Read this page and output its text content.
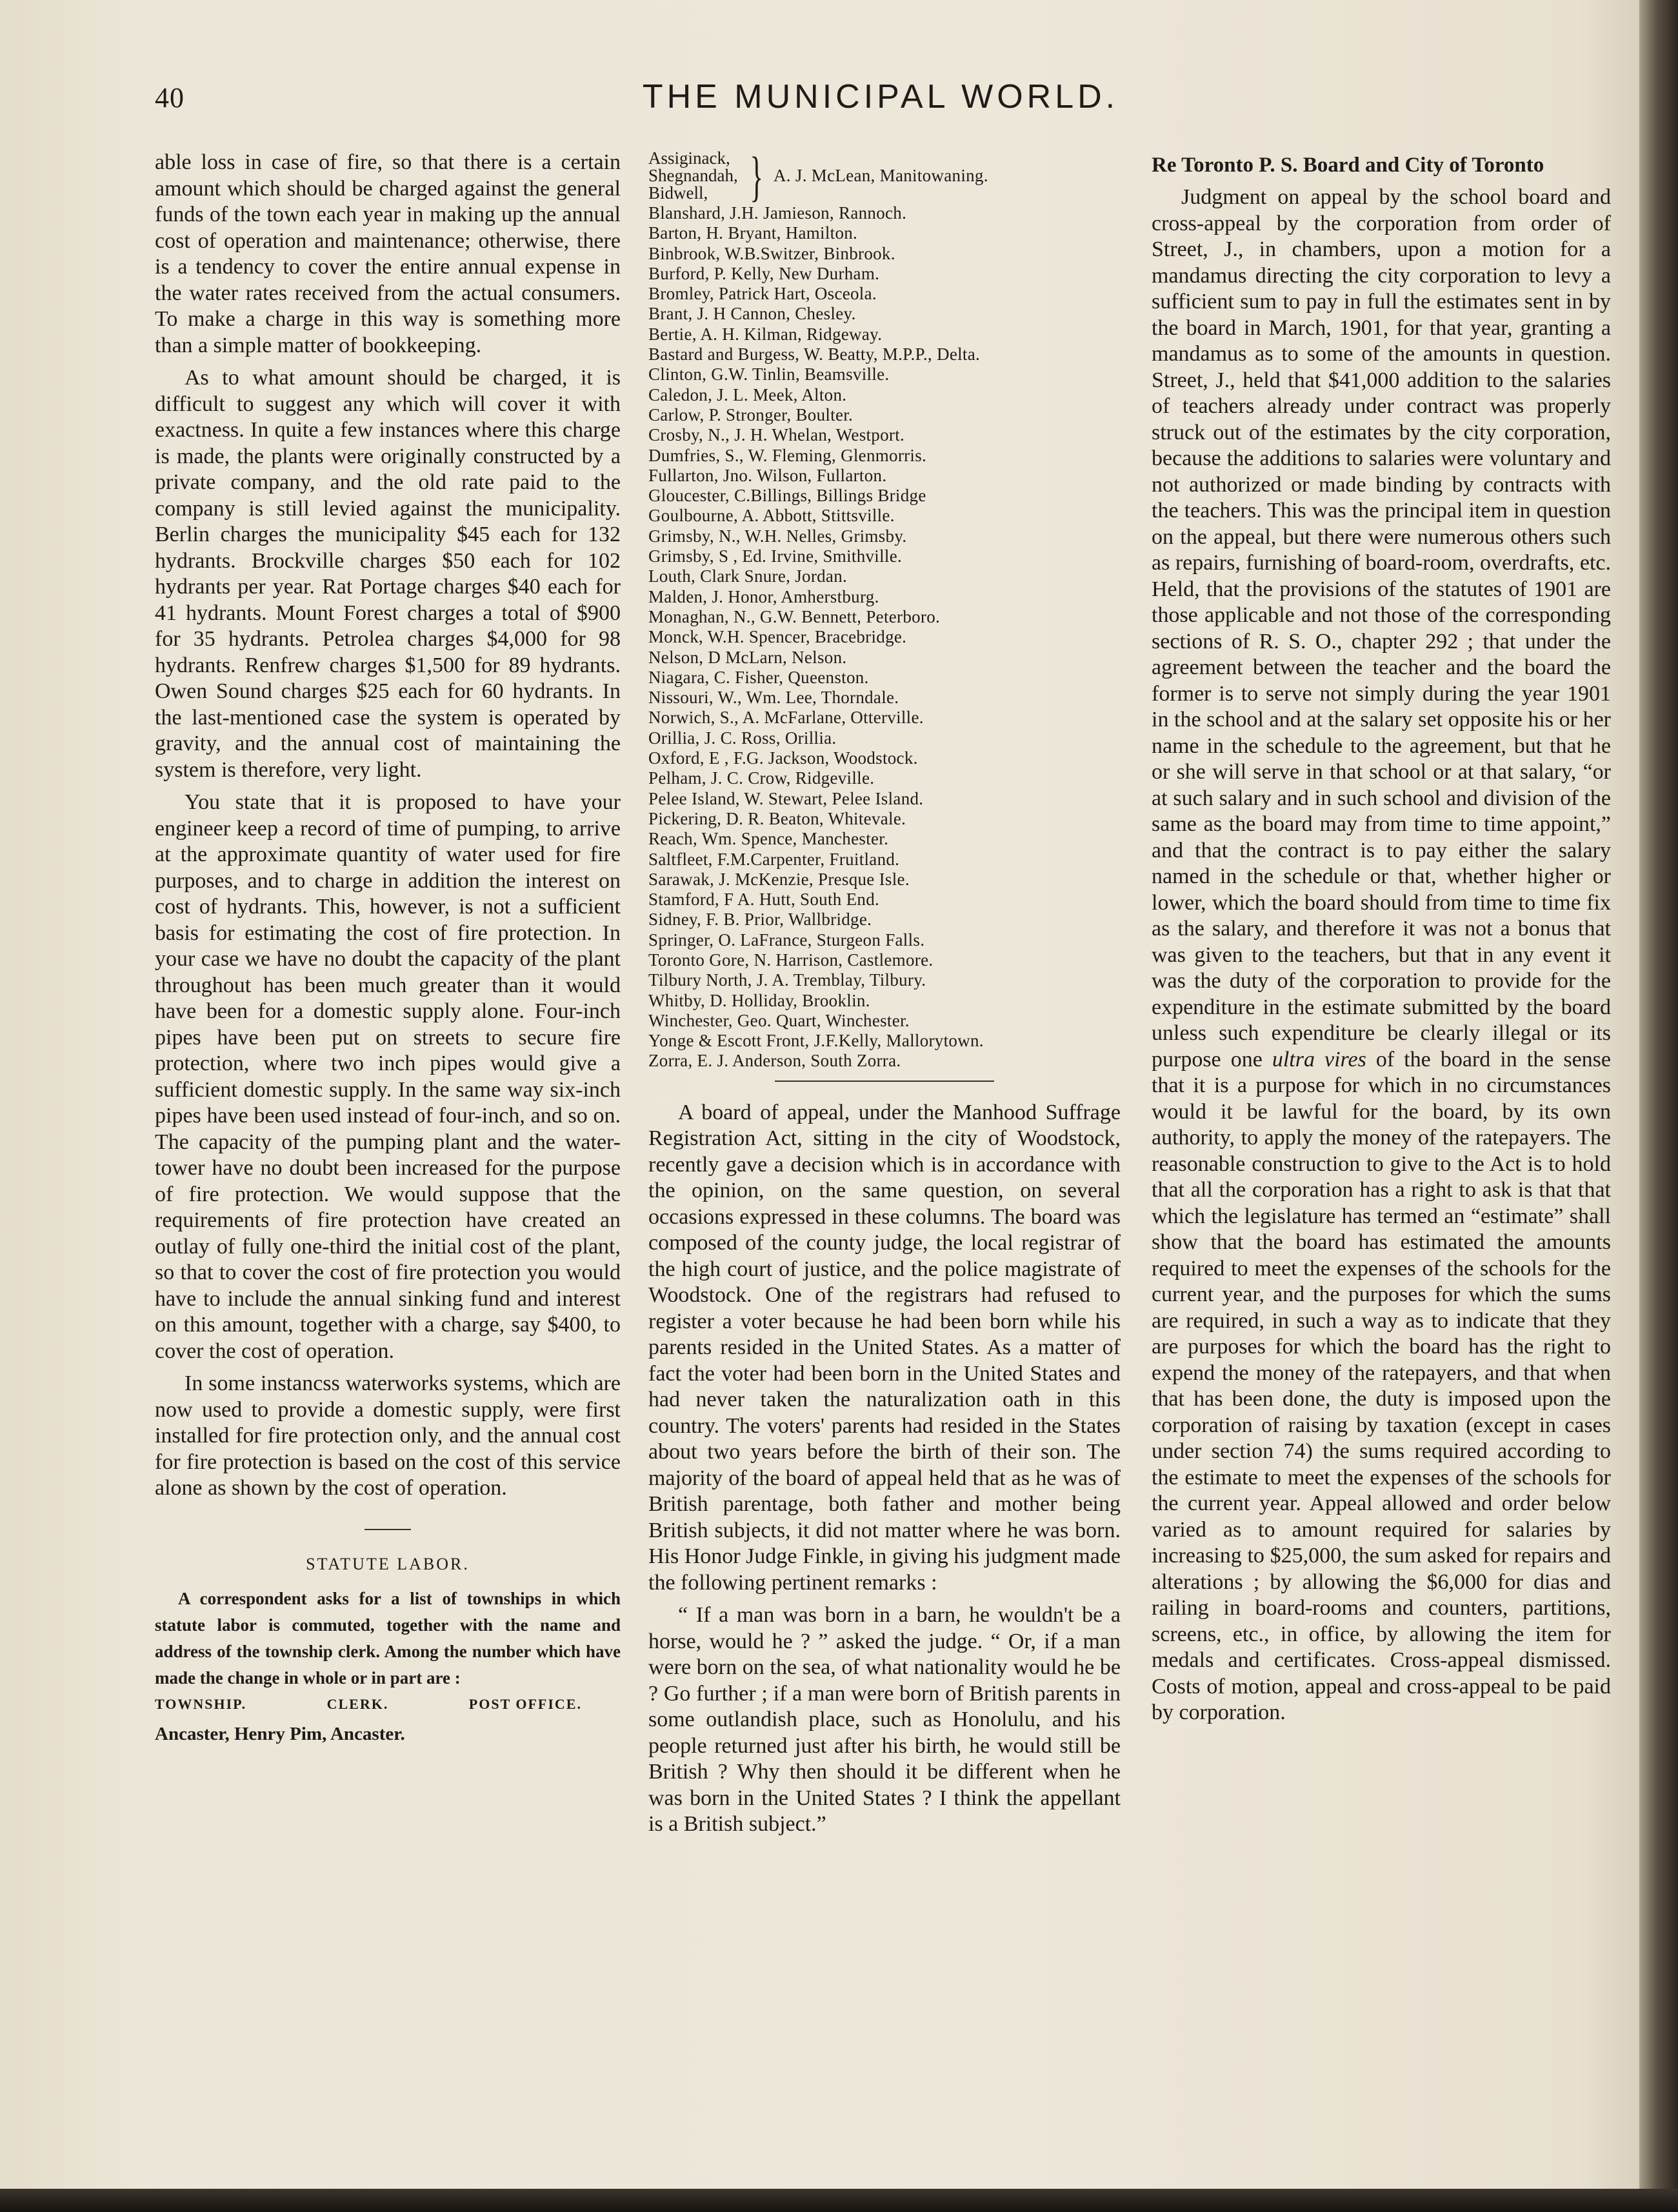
40	THE MUNICIPAL WORLD.

able loss in case of fire, so that there is a certain amount which should be charged against the general funds of the town each year in making up the annual cost of operation and maintenance; otherwise, there is a tendency to cover the entire annual expense in the water rates received from the actual consumers. To make a charge in this way is something more than a simple matter of bookkeeping.

As to what amount should be charged, it is difficult to suggest any which will cover it with exactness. In quite a few instances where this charge is made, the plants were originally constructed by a private company, and the old rate paid to the company is still levied against the municipality. Berlin charges the municipality $45 each for 132 hydrants. Brockville charges $50 each for 102 hydrants per year. Rat Portage charges $40 each for 41 hydrants. Mount Forest charges a total of $900 for 35 hydrants. Petrolea charges $4,000 for 98 hydrants. Renfrew charges $1,500 for 89 hydrants. Owen Sound charges $25 each for 60 hydrants. In the last-mentioned case the system is operated by gravity, and the annual cost of maintaining the system is therefore, very light.

You state that it is proposed to have your engineer keep a record of time of pumping, to arrive at the approximate quantity of water used for fire purposes, and to charge in addition the interest on cost of hydrants. This, however, is not a sufficient basis for estimating the cost of fire protection. In your case we have no doubt the capacity of the plant throughout has been much greater than it would have been for a domestic supply alone. Four-inch pipes have been put on streets to secure fire protection, where two inch pipes would give a sufficient domestic supply. In the same way six-inch pipes have been used instead of four-inch, and so on. The capacity of the pumping plant and the water-tower have no doubt been increased for the purpose of fire protection. We would suppose that the requirements of fire protection have created an outlay of fully one-third the initial cost of the plant, so that to cover the cost of fire protection you would have to include the annual sinking fund and interest on this amount, together with a charge, say $400, to cover the cost of operation.

In some instancss waterworks systems, which are now used to provide a domestic supply, were first installed for fire protection only, and the annual cost for fire protection is based on the cost of this service alone as shown by the cost of operation.

STATUTE LABOR.

A correspondent asks for a list of townships in which statute labor is commuted, together with the name and address of the township clerk. Among the number which have made the change in whole or in part are :

TOWNSHIP.	CLERK.	POST OFFICE.
Ancaster, Henry Pim, Ancaster.
Assiginack,
Shegnandah,
Bidwell, } A. J. McLean, Manitowaning.
Blanshard, J.H. Jamieson, Rannoch.
Barton, H. Bryant, Hamilton.
Binbrook, W.B.Switzer, Binbrook.
Burford, P. Kelly, New Durham.
Bromley, Patrick Hart, Osceola.
Brant, J. H Cannon, Chesley.
Bertie, A. H. Kilman, Ridgeway.
Bastard and Burgess, W. Beatty, M.P.P., Delta.
Clinton, G.W. Tinlin, Beamsville.
Caledon, J. L. Meek, Alton.
Carlow, P. Stronger, Boulter.
Crosby, N., J. H. Whelan, Westport.
Dumfries, S., W. Fleming, Glenmorris.
Fullarton, Jno. Wilson, Fullarton.
Gloucester, C.Billings, Billings Bridge
Goulbourne, A. Abbott, Stittsville.
Grimsby, N., W.H. Nelles, Grimsby.
Grimsby, S , Ed. Irvine, Smithville.
Louth, Clark Snure, Jordan.
Malden, J. Honor, Amherstburg.
Monaghan, N., G.W. Bennett, Peterboro.
Monck, W.H. Spencer, Bracebridge.
Nelson, D McLarn, Nelson.
Niagara, C. Fisher, Queenston.
Nissouri, W., Wm. Lee, Thorndale.
Norwich, S., A. McFarlane, Otterville.
Orillia, J. C. Ross, Orillia.
Oxford, E , F.G. Jackson, Woodstock.
Pelham, J. C. Crow, Ridgeville.
Pelee Island, W. Stewart, Pelee Island.
Pickering, D. R. Beaton, Whitevale.
Reach, Wm. Spence, Manchester.
Saltfleet, F.M.Carpenter, Fruitland.
Sarawak, J. McKenzie, Presque Isle.
Stamford, F A. Hutt, South End.
Sidney, F. B. Prior, Wallbridge.
Springer, O. LaFrance, Sturgeon Falls.
Toronto Gore, N. Harrison, Castlemore.
Tilbury North, J. A. Tremblay, Tilbury.
Whitby, D. Holliday, Brooklin.
Winchester, Geo. Quart, Winchester.
Yonge & Escott Front, J.F.Kelly, Mallorytown.
Zorra, E. J. Anderson, South Zorra.

A board of appeal, under the Manhood Suffrage Registration Act, sitting in the city of Woodstock, recently gave a decision which is in accordance with the opinion, on the same question, on several occasions expressed in these columns. The board was composed of the county judge, the local registrar of the high court of justice, and the police magistrate of Woodstock. One of the registrars had refused to register a voter because he had been born while his parents resided in the United States. As a matter of fact the voter had been born in the United States and had never taken the naturalization oath in this country. The voters' parents had resided in the States about two years before the birth of their son. The majority of the board of appeal held that as he was of British parentage, both father and mother being British subjects, it did not matter where he was born. His Honor Judge Finkle, in giving his judgment made the following pertinent remarks :

“ If a man was born in a barn, he wouldn't be a horse, would he ? ” asked the judge. “ Or, if a man were born on the sea, of what nationality would he be ? Go further ; if a man were born of British parents in some outlandish place, such as Honolulu, and his people returned just after his birth, he would still be British ? Why then should it be different when he was born in the United States ? I think the appellant is a British subject.”

Re Toronto P. S. Board and City of Toronto

Judgment on appeal by the school board and cross-appeal by the corporation from order of Street, J., in chambers, upon a motion for a mandamus directing the city corporation to levy a sufficient sum to pay in full the estimates sent in by the board in March, 1901, for that year, granting a mandamus as to some of the amounts in question. Street, J., held that $41,000 addition to the salaries of teachers already under contract was properly struck out of the estimates by the city corporation, because the additions to salaries were voluntary and not authorized or made binding by contracts with the teachers. This was the principal item in question on the appeal, but there were numerous others such as repairs, furnishing of board-room, overdrafts, etc. Held, that the provisions of the statutes of 1901 are those applicable and not those of the corresponding sections of R. S. O., chapter 292 ; that under the agreement between the teacher and the board the former is to serve not simply during the year 1901 in the school and at the salary set opposite his or her name in the schedule to the agreement, but that he or she will serve in that school or at that salary, “or at such salary and in such school and division of the same as the board may from time to time appoint,” and that the contract is to pay either the salary named in the schedule or that, whether higher or lower, which the board should from time to time fix as the salary, and therefore it was not a bonus that was given to the teachers, but that in any event it was the duty of the corporation to provide for the expenditure in the estimate submitted by the board unless such expenditure be clearly illegal or its purpose one ultra vires of the board in the sense that it is a purpose for which in no circumstances would it be lawful for the board, by its own authority, to apply the money of the ratepayers. The reasonable construction to give to the Act is to hold that all the corporation has a right to ask is that that which the legislature has termed an “estimate” shall show that the board has estimated the amounts required to meet the expenses of the schools for the current year, and the purposes for which the sums are required, in such a way as to indicate that they are purposes for which the board has the right to expend the money of the ratepayers, and that when that has been done, the duty is imposed upon the corporation of raising by taxation (except in cases under section 74) the sums required according to the estimate to meet the expenses of the schools for the current year. Appeal allowed and order below varied as to amount required for salaries by increasing to $25,000, the sum asked for repairs and alterations ; by allowing the $6,000 for dias and railing in board-rooms and counters, partitions, screens, etc., in office, by allowing the item for medals and certificates. Cross-appeal dismissed. Costs of motion, appeal and cross-appeal to be paid by corporation.
